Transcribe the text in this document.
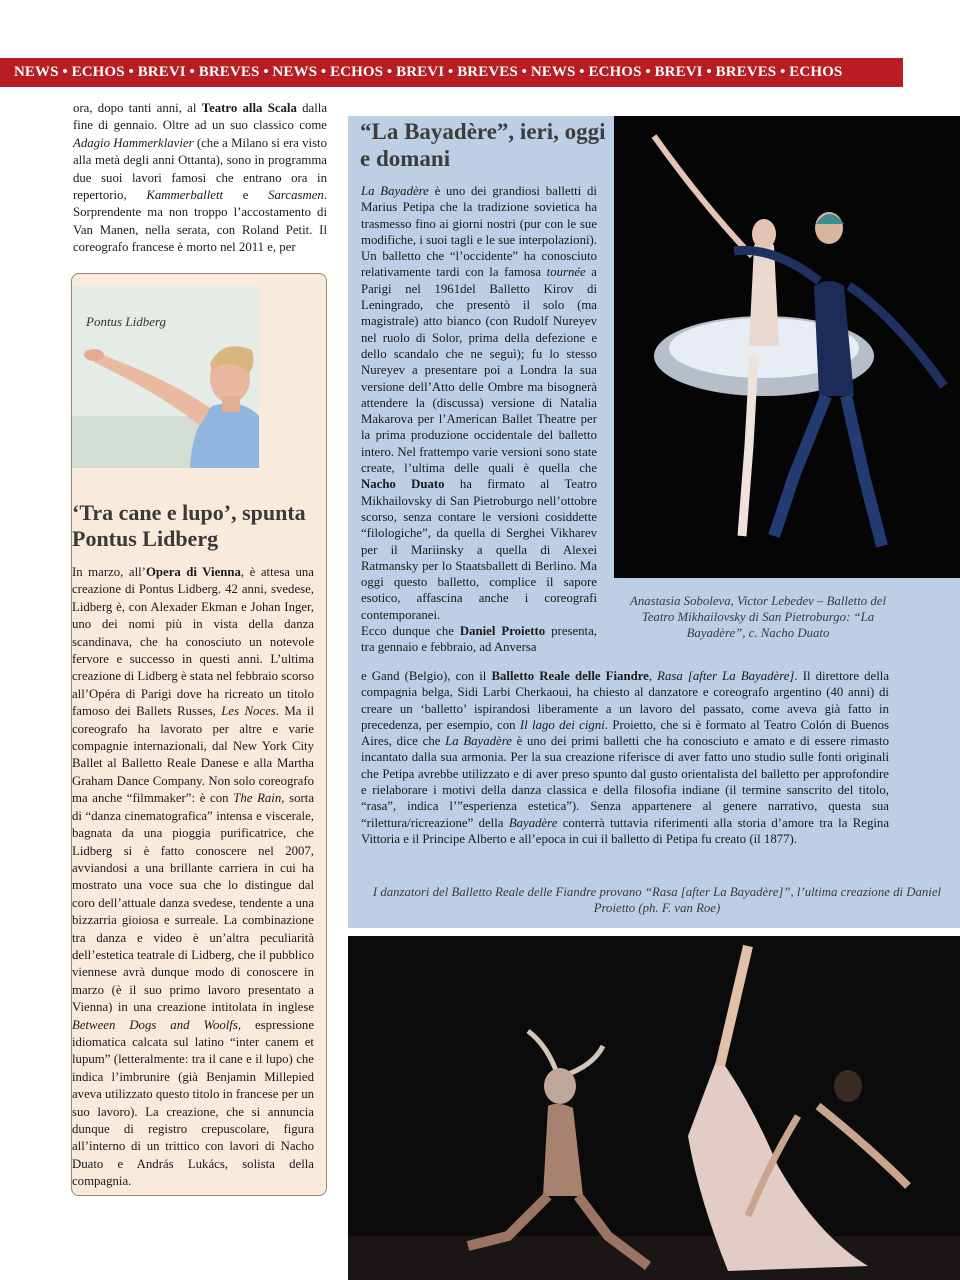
NEWS • ECHOS • BREVI • BREVES • NEWS • ECHOS • BREVI • BREVES • NEWS • ECHOS • BREVI • BREVES • ECHOS
ora, dopo tanti anni, al Teatro alla Scala dalla fine di gennaio. Oltre ad un suo classico come Adagio Hammerklavier (che a Milano si era visto alla metà degli anni Ottanta), sono in programma due suoi lavori famosi che entrano ora in repertorio, Kammerballett e Sarcasmen. Sorprendente ma non troppo l’accostamento di Van Manen, nella serata, con Roland Petit. Il coreografo francese è morto nel 2011 e, per
Pontus Lidberg
‘Tra cane e lupo’, spunta Pontus Lidberg
In marzo, all’Opera di Vienna, è attesa una creazione di Pontus Lidberg. 42 anni, svedese, Lidberg è, con Alexader Ekman e Johan Inger, uno dei nomi più in vista della danza scandinava, che ha conosciuto un notevole fervore e successo in questi anni. L’ultima creazione di Lidberg è stata nel febbraio scorso all’Opéra di Parigi dove ha ricreato un titolo famoso dei Ballets Russes, Les Noces. Ma il coreografo ha lavorato per altre e varie compagnie internazionali, dal New York City Ballet al Balletto Reale Danese e alla Martha Graham Dance Company. Non solo coreografo ma anche “filmmaker”: è con The Rain, sorta di “danza cinematografica” intensa e viscerale, bagnata da una pioggia purificatrice, che Lidberg si è fatto conoscere nel 2007, avviandosi a una brillante carriera in cui ha mostrato una voce sua che lo distingue dal coro dell’attuale danza svedese, tendente a una bizzarria gioiosa e surreale. La combinazione tra danza e video è un’altra peculiarità dell’estetica teatrale di Lidberg, che il pubblico viennese avrà dunque modo di conoscere in marzo (è il suo primo lavoro presentato a Vienna) in una creazione intitolata in inglese Between Dogs and Woolfs, espressione idiomatica calcata sul latino “inter canem et lupum” (letteralmente: tra il cane e il lupo) che indica l’imbrunire (già Benjamin Millepied aveva utilizzato questo titolo in francese per un suo lavoro). La creazione, che si annuncia dunque di registro crepuscolare, figura all’interno di un trittico con lavori di Nacho Duato e András Lukács, solista della compagnia.
“La Bayadère”, ieri, oggi e domani
La Bayadère è uno dei grandiosi balletti di Marius Petipa che la tradizione sovietica ha trasmesso fino ai giorni nostri (pur con le sue modifiche, i suoi tagli e le sue interpolazioni). Un balletto che “l’occidente” ha conosciuto relativamente tardi con la famosa tournée a Parigi nel 1961del Balletto Kirov di Leningrado, che presentò il solo (ma magistrale) atto bianco (con Rudolf Nureyev nel ruolo di Solor, prima della defezione e dello scandalo che ne seguì); fu lo stesso Nureyev a presentare poi a Londra la sua versione dell’Atto delle Ombre ma bisognerà attendere la (discussa) versione di Natalia Makarova per l’American Ballet Theatre per la prima produzione occidentale del balletto intero. Nel frattempo varie versioni sono state create, l’ultima delle quali è quella che Nacho Duato ha firmato al Teatro Mikhailovsky di San Pietroburgo nell’ottobre scorso, senza contare le versioni cosiddette “filologiche”, da quella di Serghei Vikharev per il Mariinsky a quella di Alexei Ratmansky per lo Staatsballett di Berlino. Ma oggi questo balletto, complice il sapore esotico, affascina anche i coreografi contemporanei.
Ecco dunque che Daniel Proietto presenta, tra gennaio e febbraio, ad Anversa
e Gand (Belgio), con il Balletto Reale delle Fiandre, Rasa [after La Bayadère]. Il direttore della compagnia belga, Sidi Larbi Cherkaoui, ha chiesto al danzatore e coreografo argentino (40 anni) di creare un ‘balletto’ ispirandosi liberamente a un lavoro del passato, come aveva già fatto in precedenza, per esempio, con Il lago dei cigni. Proietto, che si è formato al Teatro Colón di Buenos Aires, dice che La Bayadère è uno dei primi balletti che ha conosciuto e amato e di essere rimasto incantato dalla sua armonia. Per la sua creazione riferisce di aver fatto uno studio sulle fonti originali che Petipa avrebbe utilizzato e di aver preso spunto dal gusto orientalista del balletto per approfondire e rielaborare i motivi della danza classica e della filosofia indiane (il termine sanscrito del titolo, “rasa”, indica l’”esperienza estetica”). Senza appartenere al genere narrativo, questa sua “rilettura/ricreazione” della Bayadère conterrà tuttavia riferimenti alla storia d’amore tra la Regina Vittoria e il Principe Alberto e all’epoca in cui il balletto di Petipa fu creato (il 1877).
Anastasia Soboleva, Victor Lebedev – Balletto del Teatro Mikhailovsky di San Pietroburgo: “La Bayadère”, c. Nacho Duato
I danzatori del Balletto Reale delle Fiandre provano “Rasa [after La Bayadère]”, l’ultima creazione di Daniel Proietto (ph. F. van Roe)
